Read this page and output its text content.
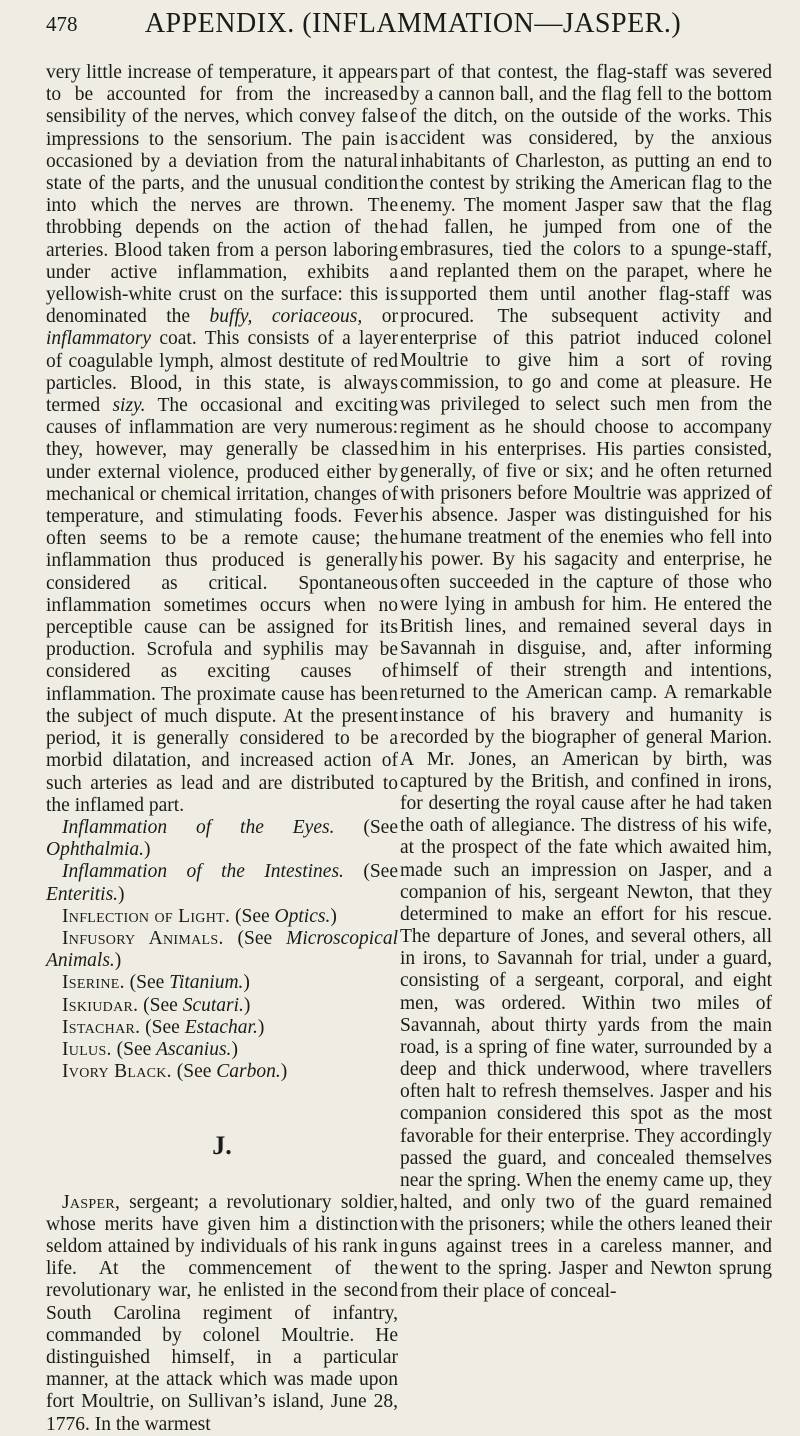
478	APPENDIX. (INFLAMMATION—JASPER.)

very little increase of temperature, it appears to be accounted for from the increased sensibility of the nerves, which convey false impressions to the sensorium. The pain is occasioned by a deviation from the natural state of the parts, and the unusual condition into which the nerves are thrown. The throbbing depends on the action of the arteries. Blood taken from a person laboring under active inflammation, exhibits a yellowish-white crust on the surface: this is denominated the buffy, coriaceous, or inflammatory coat. This consists of a layer of coagulable lymph, almost destitute of red particles. Blood, in this state, is always termed sizy. The occasional and exciting causes of inflammation are very numerous: they, however, may generally be classed under external violence, produced either by mechanical or chemical irritation, changes of temperature, and stimulating foods. Fever often seems to be a remote cause; the inflammation thus produced is generally considered as critical. Spontaneous inflammation sometimes occurs when no perceptible cause can be assigned for its production. Scrofula and syphilis may be considered as exciting causes of inflammation. The proximate cause has been the subject of much dispute. At the present period, it is generally considered to be a morbid dilatation, and increased action of such arteries as lead and are distributed to the inflamed part.

Inflammation of the Eyes. (See Ophthalmia.)

Inflammation of the Intestines. (See Enteritis.)

Inflection of Light. (See Optics.)

Infusory Animals. (See Microscopical Animals.)

Iserine. (See Titanium.)

Iskiudar. (See Scutari.)

Istachar. (See Estachar.)

Iulus. (See Ascanius.)

Ivory Black. (See Carbon.)

J.

Jasper, sergeant; a revolutionary soldier, whose merits have given him a distinction seldom attained by individuals of his rank in life. At the commencement of the revolutionary war, he enlisted in the second South Carolina regiment of infantry, commanded by colonel Moultrie. He distinguished himself, in a particular manner, at the attack which was made upon fort Moultrie, on Sullivan’s island, June 28, 1776. In the warmest

part of that contest, the flag-staff was severed by a cannon ball, and the flag fell to the bottom of the ditch, on the outside of the works. This accident was considered, by the anxious inhabitants of Charleston, as putting an end to the contest by striking the American flag to the enemy. The moment Jasper saw that the flag had fallen, he jumped from one of the embrasures, tied the colors to a spunge-staff, and replanted them on the parapet, where he supported them until another flag-staff was procured. The subsequent activity and enterprise of this patriot induced colonel Moultrie to give him a sort of roving commission, to go and come at pleasure. He was privileged to select such men from the regiment as he should choose to accompany him in his enterprises. His parties consisted, generally, of five or six; and he often returned with prisoners before Moultrie was apprized of his absence. Jasper was distinguished for his humane treatment of the enemies who fell into his power. By his sagacity and enterprise, he often succeeded in the capture of those who were lying in ambush for him. He entered the British lines, and remained several days in Savannah in disguise, and, after informing himself of their strength and intentions, returned to the American camp. A remarkable instance of his bravery and humanity is recorded by the biographer of general Marion. A Mr. Jones, an American by birth, was captured by the British, and confined in irons, for deserting the royal cause after he had taken the oath of allegiance. The distress of his wife, at the prospect of the fate which awaited him, made such an impression on Jasper, and a companion of his, sergeant Newton, that they determined to make an effort for his rescue. The departure of Jones, and several others, all in irons, to Savannah for trial, under a guard, consisting of a sergeant, corporal, and eight men, was ordered. Within two miles of Savannah, about thirty yards from the main road, is a spring of fine water, surrounded by a deep and thick underwood, where travellers often halt to refresh themselves. Jasper and his companion considered this spot as the most favorable for their enterprise. They accordingly passed the guard, and concealed themselves near the spring. When the enemy came up, they halted, and only two of the guard remained with the prisoners; while the others leaned their guns against trees in a careless manner, and went to the spring. Jasper and Newton sprung from their place of conceal-
